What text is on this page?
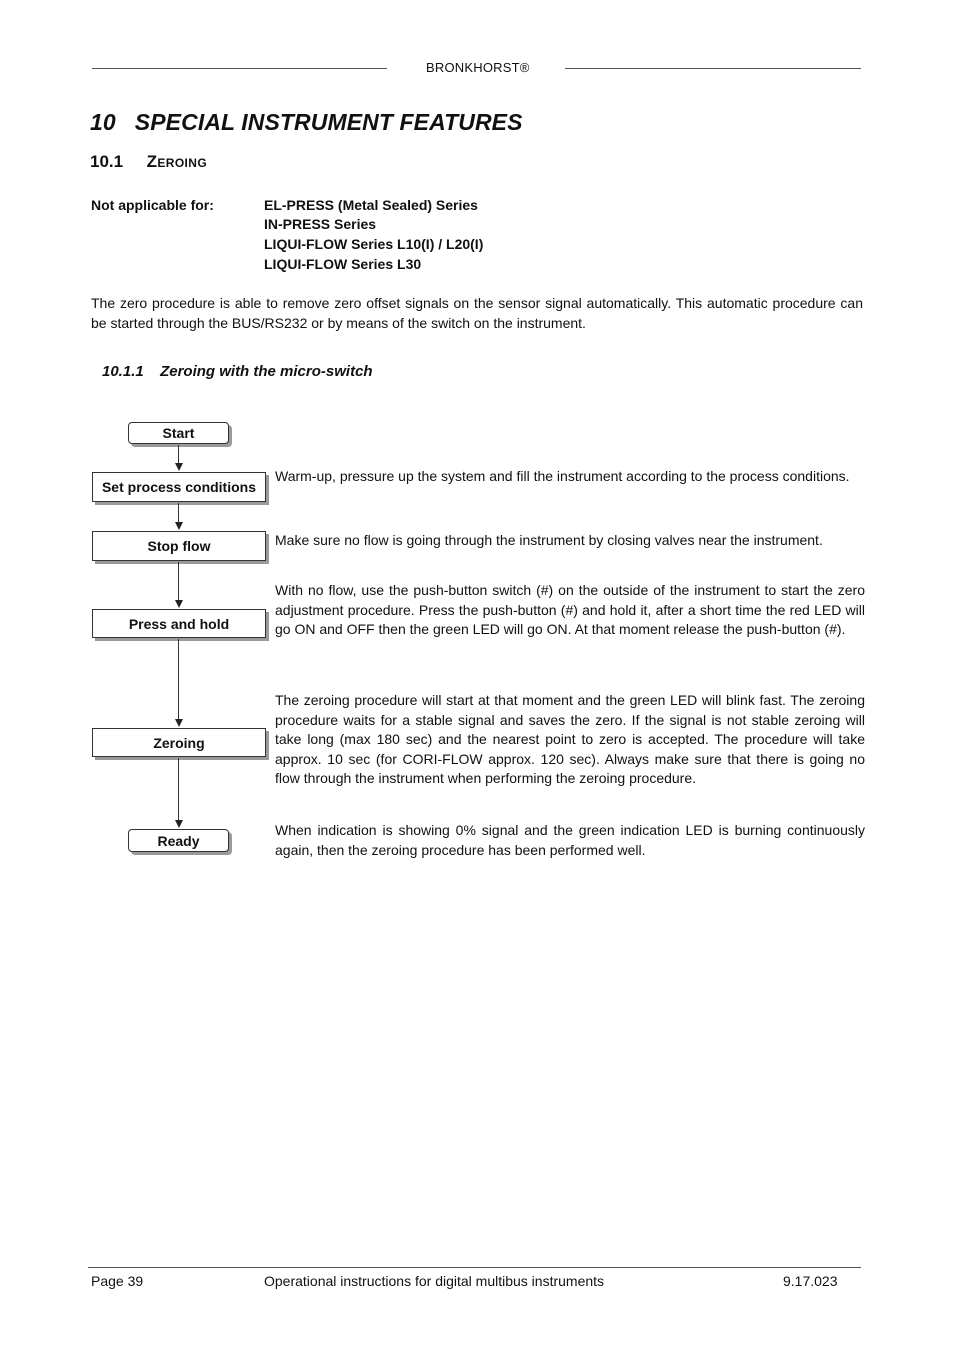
BRONKHORST®
10 SPECIAL INSTRUMENT FEATURES
10.1 Zeroing
Not applicable for:	EL-PRESS (Metal Sealed) Series
IN-PRESS Series
LIQUI-FLOW Series L10(I) / L20(I)
LIQUI-FLOW Series L30
The zero procedure is able to remove zero offset signals on the sensor signal automatically. This automatic procedure can be started through the BUS/RS232 or by means of the switch on the instrument.
10.1.1 Zeroing with the micro-switch
Start
Set process conditions
Stop flow
Press and hold
Zeroing
Ready
Warm-up, pressure up the system and fill the instrument according to the process conditions.
Make sure no flow is going through the instrument by closing valves near the instrument.
With no flow, use the push-button switch (#) on the outside of the instrument to start the zero adjustment procedure. Press the push-button (#) and hold it, after a short time the red LED will go ON and OFF then the green LED will go ON. At that moment release the push-button (#).
The zeroing procedure will start at that moment and the green LED will blink fast. The zeroing procedure waits for a stable signal and saves the zero. If the signal is not stable zeroing will take long (max 180 sec) and the nearest point to zero is accepted. The procedure will take approx. 10 sec (for CORI-FLOW approx. 120 sec). Always make sure that there is going no flow through the instrument when performing the zeroing procedure.
When indication is showing 0% signal and the green indication LED is burning continuously again, then the zeroing procedure has been performed well.
Page 39	Operational instructions for digital multibus instruments	9.17.023
